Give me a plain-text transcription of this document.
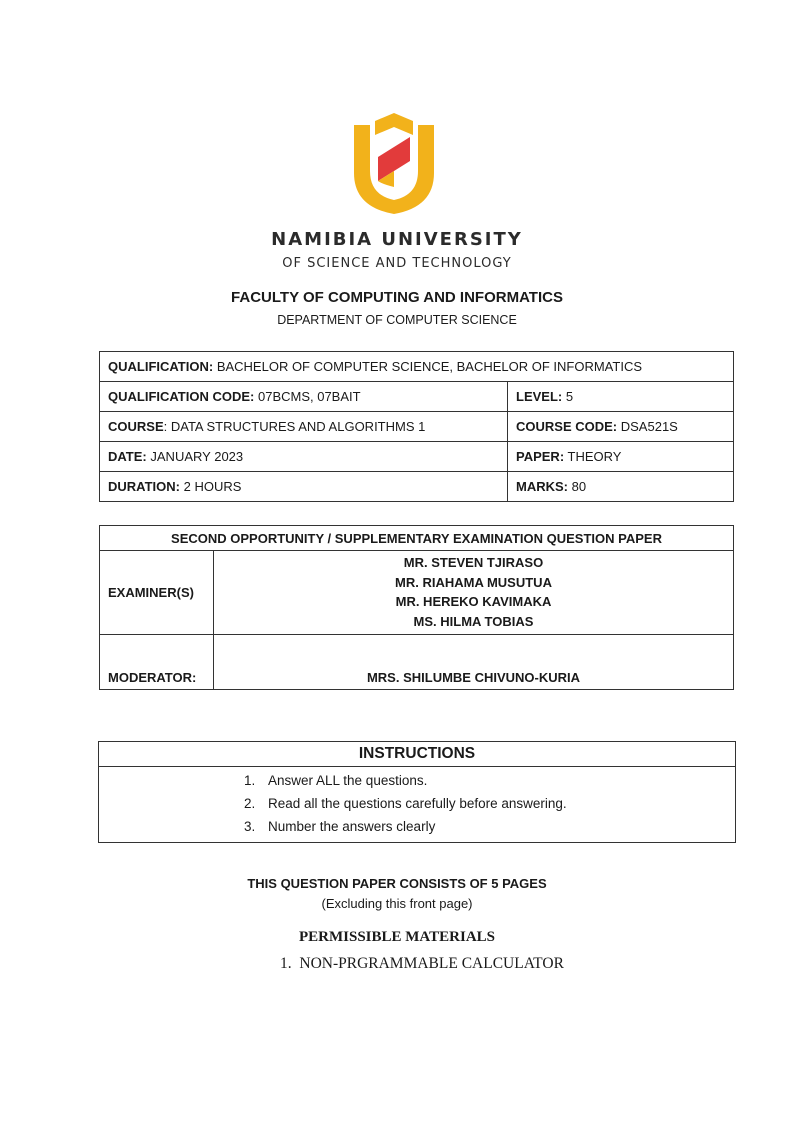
NAMIBIA UNIVERSITY
OF SCIENCE AND TECHNOLOGY
FACULTY OF COMPUTING AND INFORMATICS
DEPARTMENT OF COMPUTER SCIENCE
QUALIFICATION: BACHELOR OF COMPUTER SCIENCE, BACHELOR OF INFORMATICS	
QUALIFICATION CODE: 07BCMS, 07BAIT	LEVEL: 5
COURSE: DATA STRUCTURES AND ALGORITHMS 1	COURSE CODE: DSA521S
DATE: JANUARY 2023	PAPER: THEORY
DURATION: 2 HOURS	MARKS: 80
SECOND OPPORTUNITY / SUPPLEMENTARY EXAMINATION QUESTION PAPER	
EXAMINER(S)	MR. STEVEN TJIRASO
MR. RIAHAMA MUSUTUA
MR. HEREKO KAVIMAKA
MS. HILMA TOBIAS

MODERATOR:	MRS. SHILUMBE CHIVUNO-KURIA
INSTRUCTIONS
1. Answer ALL the questions.
2. Read all the questions carefully before answering.
3. Number the answers clearly
THIS QUESTION PAPER CONSISTS OF 5 PAGES
(Excluding this front page)
PERMISSIBLE MATERIALS
1. NON-PRGRAMMABLE CALCULATOR
